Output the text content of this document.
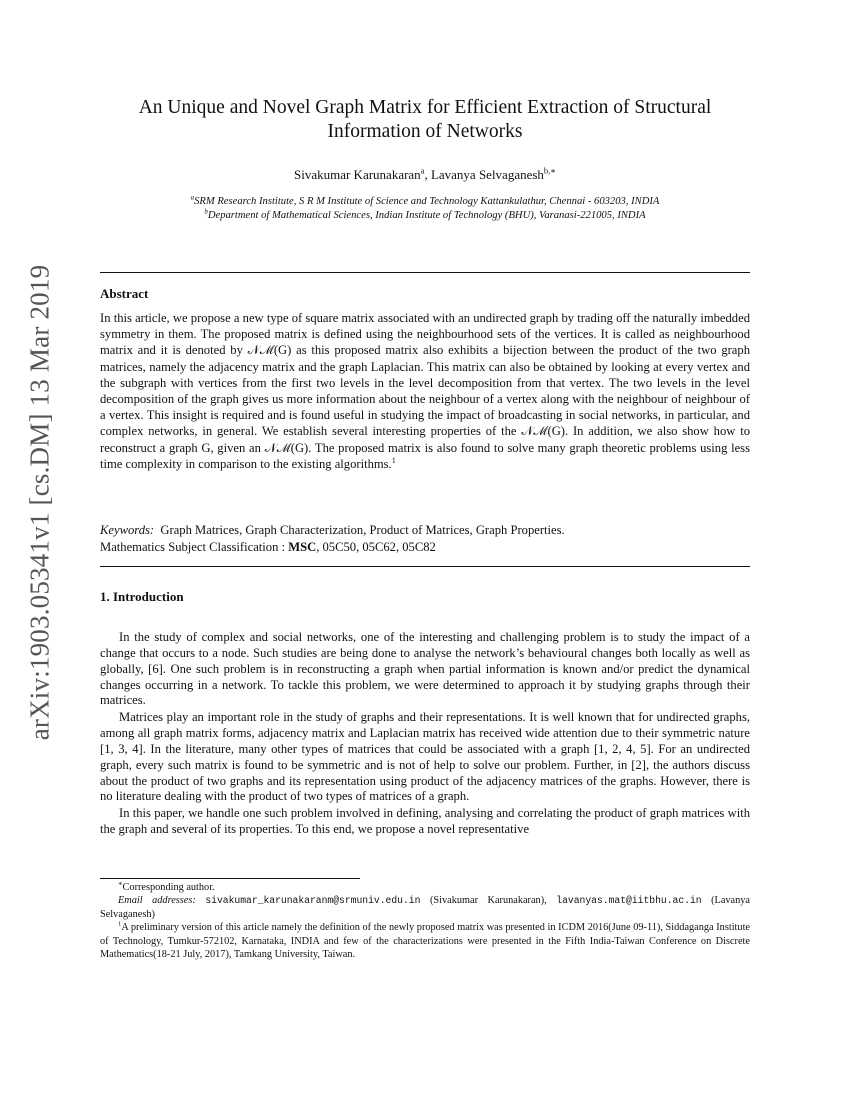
arXiv:1903.05341v1 [cs.DM] 13 Mar 2019
An Unique and Novel Graph Matrix for Efficient Extraction of Structural
Information of Networks
Sivakumar Karunakaran$^a$, Lavanya Selvaganesh$^{b,∗}$
$^a$SRM Research Institute, S R M Institute of Science and Technology Kattankulathur, Chennai - 603203, INDIA
$^b$Department of Mathematical Sciences, Indian Institute of Technology (BHU), Varanasi-221005, INDIA
Abstract

In this article, we propose a new type of square matrix associated with an undirected graph by trading off the naturally imbedded symmetry in them. The proposed matrix is defined using the neighbourhood sets of the vertices. It is called as neighbourhood matrix and it is denoted by 𝒩ℳ(G) as this proposed matrix also exhibits a bijection between the product of the two graph matrices, namely the adjacency matrix and the graph Laplacian. This matrix can also be obtained by looking at every vertex and the subgraph with vertices from the first two levels in the level decomposition from that vertex. The two levels in the level decomposition of the graph gives us more information about the neighbour of a vertex along with the neighbour of neighbour of a vertex. This insight is required and is found useful in studying the impact of broadcasting in social networks, in particular, and complex networks, in general. We establish several interesting properties of the 𝒩ℳ(G). In addition, we also show how to reconstruct a graph G, given an 𝒩ℳ(G). The proposed matrix is also found to solve many graph theoretic problems using less time complexity in comparison to the existing algorithms.$^1$

Keywords: Graph Matrices, Graph Characterization, Product of Matrices, Graph Properties.
Mathematics Subject Classification : MSC, 05C50, 05C62, 05C82
1. Introduction

In the study of complex and social networks, one of the interesting and challenging problem is to study the impact of a change that occurs to a node. Such studies are being done to analyse the network’s behavioural changes both locally as well as globally, [6]. One such problem is in reconstructing a graph when partial information is known and/or predict the dynamical changes occurring in a network. To tackle this problem, we were determined to approach it by studying graphs through their matrices.

Matrices play an important role in the study of graphs and their representations. It is well known that for undirected graphs, among all graph matrix forms, adjacency matrix and Laplacian matrix has received wide attention due to their symmetric nature [1, 3, 4]. In the literature, many other types of matrices that could be associated with a graph [1, 2, 4, 5]. For an undirected graph, every such matrix is found to be symmetric and is not of help to solve our problem. Further, in [2], the authors discuss about the product of two graphs and its representation using product of the adjacency matrices of the graphs. However, there is no literature dealing with the product of two types of matrices of a graph.

In this paper, we handle one such problem involved in defining, analysing and correlating the product of graph matrices with the graph and several of its properties. To this end, we propose a novel representative

∗Corresponding author.

Email addresses: sivakumar_karunakaranm@srmuniv.edu.in (Sivakumar Karunakaran), lavanyas.mat@iitbhu.ac.in (Lavanya Selvaganesh)

$^1$A preliminary version of this article namely the definition of the newly proposed matrix was presented in ICDM 2016(June 09-11), Siddaganga Institute of Technology, Tumkur-572102, Karnataka, INDIA and few of the characterizations were presented in the Fifth India-Taiwan Conference on Discrete Mathematics(18-21 July, 2017), Tamkang University, Taiwan.
